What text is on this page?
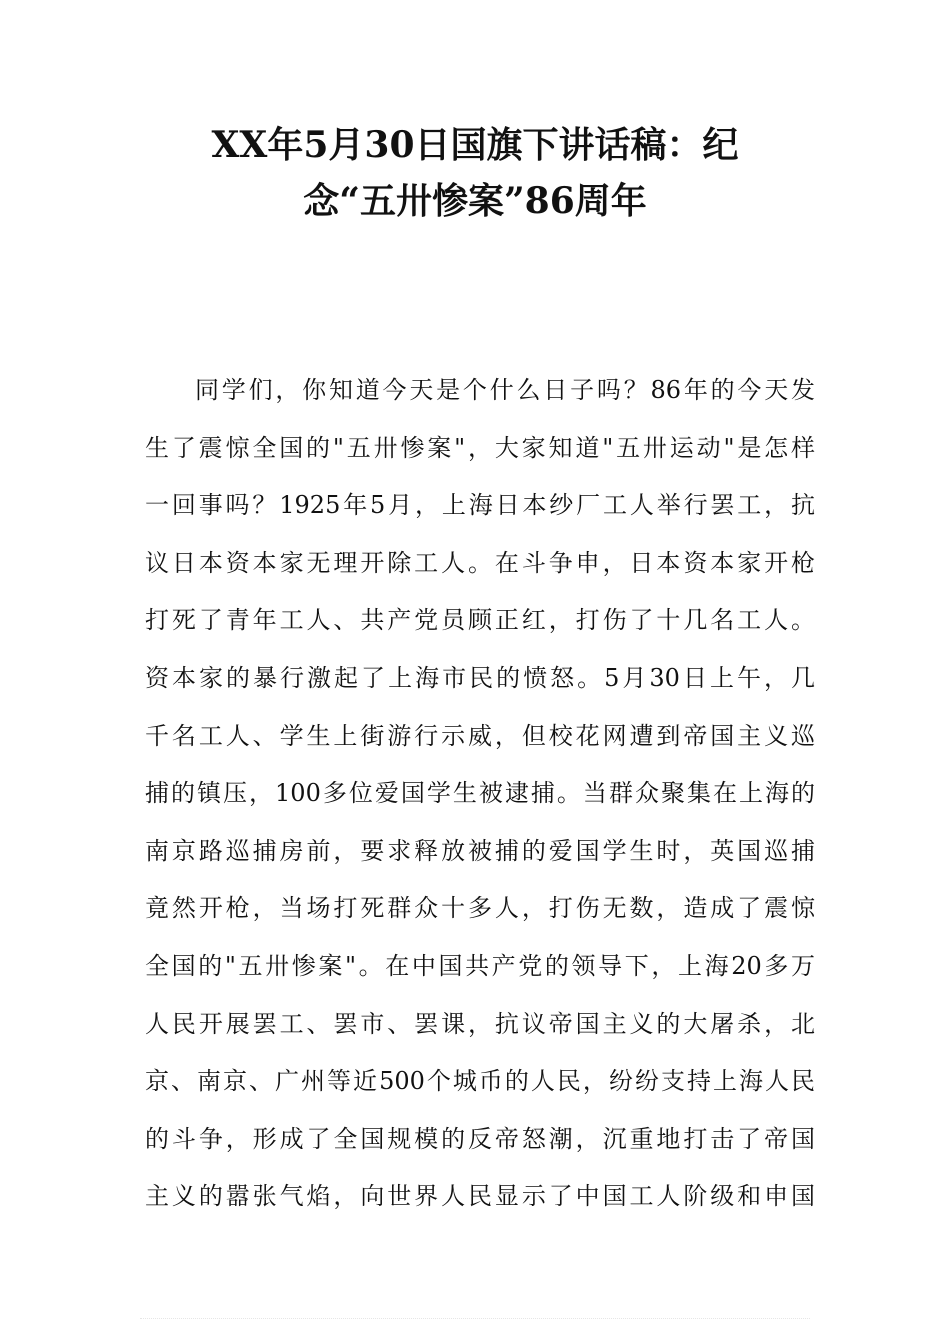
XX年5月30日国旗下讲话稿：纪
念“五卅惨案”86周年
同学们，你知道今天是个什么日子吗？86年的今天发
生了震惊全国的"五卅惨案"，大家知道"五卅运动"是怎样
一回事吗？1925年5月，上海日本纱厂工人举行罢工，抗
议日本资本家无理开除工人。在斗争申，日本资本家开枪
打死了青年工人、共产党员顾正红，打伤了十几名工人。
资本家的暴行激起了上海市民的愤怒。5月30日上午，几
千名工人、学生上街游行示威，但校花网遭到帝国主义巡
捕的镇压，100多位爱国学生被逮捕。当群众聚集在上海的
南京路巡捕房前，要求释放被捕的爱国学生时，英国巡捕
竟然开枪，当场打死群众十多人，打伤无数，造成了震惊
全国的"五卅惨案"。在中国共产党的领导下，上海20多万
人民开展罢工、罢市、罢课，抗议帝国主义的大屠杀，北
京、南京、广州等近500个城币的人民，纷纷支持上海人民
的斗争，形成了全国规模的反帝怒潮，沉重地打击了帝国
主义的嚣张气焰，向世界人民显示了中国工人阶级和申国
